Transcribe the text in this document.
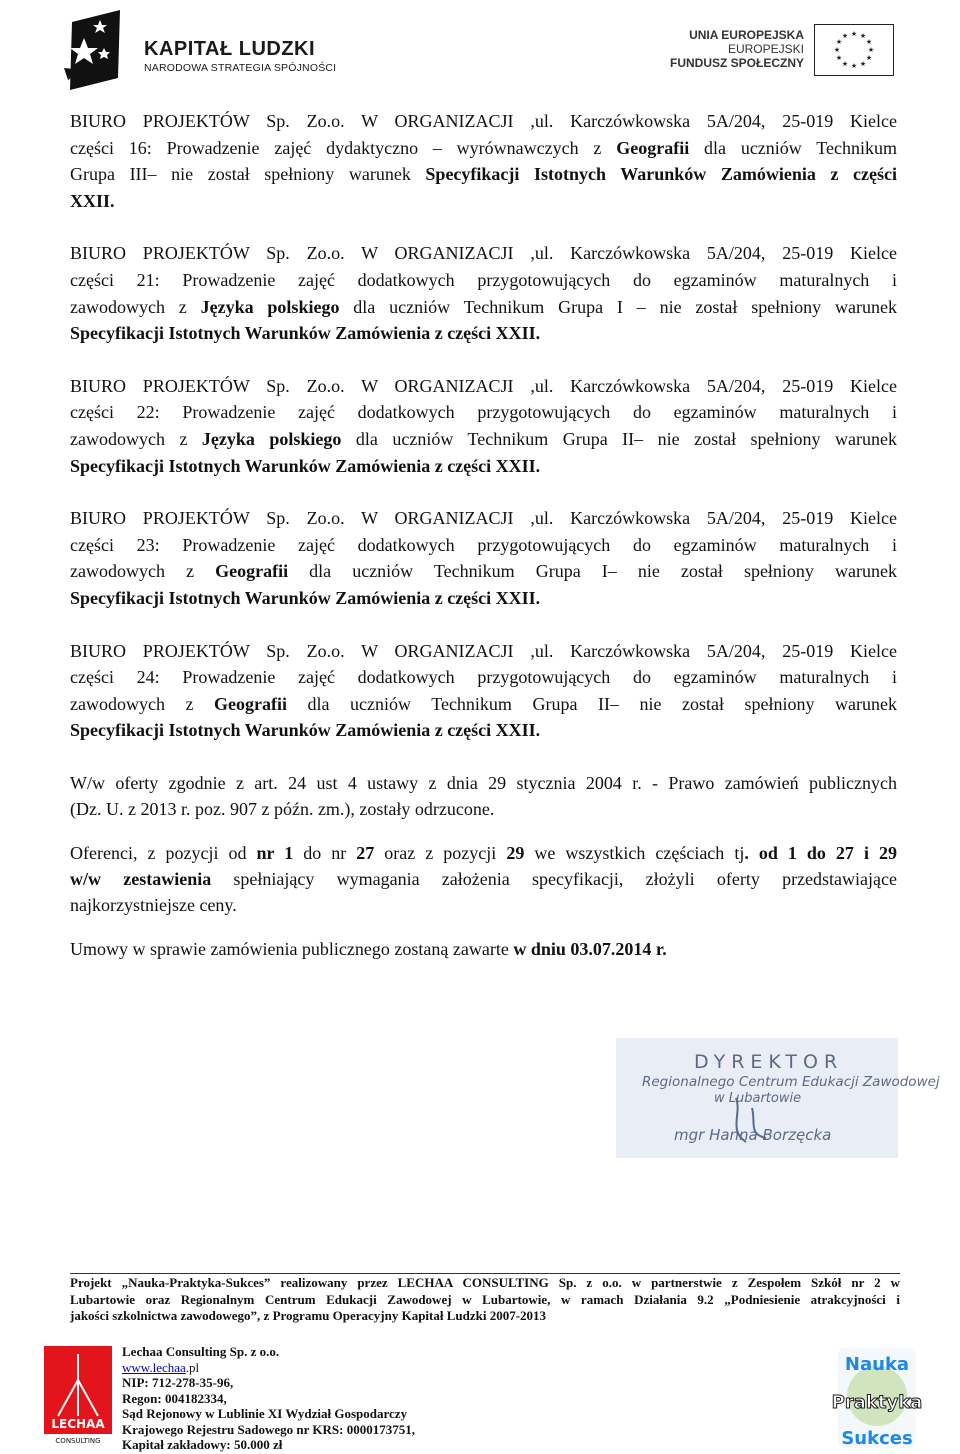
KAPITAŁ LUDZKI
NARODOWA STRATEGIA SPÓJNOŚCI
UNIA EUROPEJSKA
EUROPEJSKI
FUNDUSZ SPOŁECZNY
★ ★
★
★
★
★
★
★
★
★
★
★
BIURO PROJEKTÓW Sp. Zo.o. W ORGANIZACJI ,ul. Karczówkowska 5A/204, 25-019 Kielce
części 16: Prowadzenie zajęć dydaktyczno – wyrównawczych z Geografii dla uczniów Technikum
Grupa III– nie został spełniony warunek Specyfikacji Istotnych Warunków Zamówienia z części
XXII.
BIURO PROJEKTÓW Sp. Zo.o. W ORGANIZACJI ,ul. Karczówkowska 5A/204, 25-019 Kielce
części 21: Prowadzenie zajęć dodatkowych przygotowujących do egzaminów maturalnych i
zawodowych z Języka polskiego dla uczniów Technikum Grupa I – nie został spełniony warunek
Specyfikacji Istotnych Warunków Zamówienia z części XXII.
BIURO PROJEKTÓW Sp. Zo.o. W ORGANIZACJI ,ul. Karczówkowska 5A/204, 25-019 Kielce
części 22: Prowadzenie zajęć dodatkowych przygotowujących do egzaminów maturalnych i
zawodowych z Języka polskiego dla uczniów Technikum Grupa II– nie został spełniony warunek
Specyfikacji Istotnych Warunków Zamówienia z części XXII.
BIURO PROJEKTÓW Sp. Zo.o. W ORGANIZACJI ,ul. Karczówkowska 5A/204, 25-019 Kielce
części 23: Prowadzenie zajęć dodatkowych przygotowujących do egzaminów maturalnych i
zawodowych z Geografii dla uczniów Technikum Grupa I– nie został spełniony warunek
Specyfikacji Istotnych Warunków Zamówienia z części XXII.
BIURO PROJEKTÓW Sp. Zo.o. W ORGANIZACJI ,ul. Karczówkowska 5A/204, 25-019 Kielce
części 24: Prowadzenie zajęć dodatkowych przygotowujących do egzaminów maturalnych i
zawodowych z Geografii dla uczniów Technikum Grupa II– nie został spełniony warunek
Specyfikacji Istotnych Warunków Zamówienia z części XXII.
W/w oferty zgodnie z art. 24 ust 4 ustawy z dnia 29 stycznia 2004 r. - Prawo zamówień publicznych
(Dz. U. z 2013 r. poz. 907 z późn. zm.), zostały odrzucone.
Oferenci, z pozycji od nr 1 do nr 27 oraz z pozycji 29 we wszystkich częściach tj. od 1 do 27 i 29
w/w zestawienia spełniający wymagania założenia specyfikacji, złożyli oferty przedstawiające
najkorzystniejsze ceny.
Umowy w sprawie zamówienia publicznego zostaną zawarte w dniu 03.07.2014 r.
DYREKTOR
Regionalnego Centrum Edukacji Zawodowej
w Lubartowie
mgr Hanna Borzęcka
Projekt „Nauka-Praktyka-Sukces” realizowany przez LECHAA CONSULTING Sp. z o.o. w partnerstwie z Zespołem Szkół nr 2 w
Lubartowie oraz Regionalnym Centrum Edukacji Zawodowej w Lubartowie, w ramach Działania 9.2 „Podniesienie atrakcyjności i
jakości szkolnictwa zawodowego”, z Programu Operacyjny Kapitał Ludzki 2007-2013
LECHAA
CONSULTING
Lechaa Consulting Sp. z o.o.
www.lechaa.pl
NIP: 712-278-35-96,
Regon: 004182334,
Sąd Rejonowy w Lublinie XI Wydział Gospodarczy
Krajowego Rejestru Sadowego nr KRS: 0000173751,
Kapitał zakładowy: 50.000 zł
Nauka
Praktyka
Sukces
